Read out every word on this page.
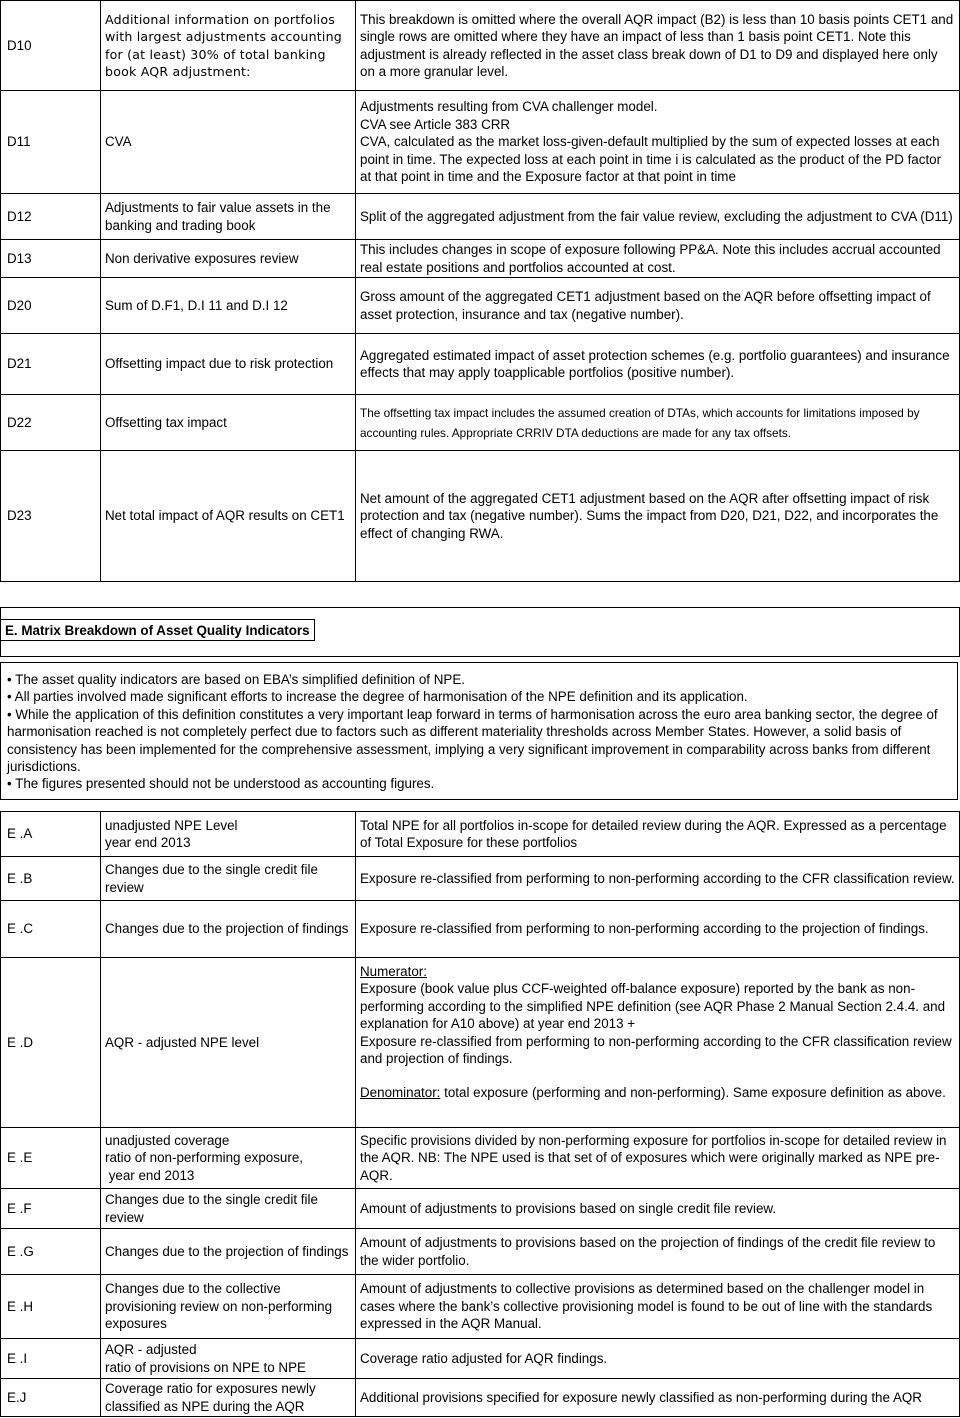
D10	Additional information on portfolios with largest adjustments accounting for (at least) 30% of total banking book AQR adjustment:	This breakdown is omitted where the overall AQR impact (B2) is less than 10 basis points CET1 and single rows are omitted where they have an impact of less than 1 basis point CET1. Note this adjustment is already reflected in the asset class break down of D1 to D9 and displayed here only on a more granular level.
D11	CVA	Adjustments resulting from CVA challenger model.
CVA see Article 383 CRR
CVA, calculated as the market loss-given-default multiplied by the sum of expected losses at each point in time. The expected loss at each point in time i is calculated as the product of the PD factor at that point in time and the Exposure factor at that point in time

D12	Adjustments to fair value assets in the banking and trading book	Split of the aggregated adjustment from the fair value review, excluding the adjustment to CVA (D11)
D13	Non derivative exposures review	This includes changes in scope of exposure following PP&A. Note this includes accrual accounted real estate positions and portfolios accounted at cost.
D20	Sum of D.F1, D.I 11 and D.I 12	Gross amount of the aggregated CET1 adjustment based on the AQR before offsetting impact of asset protection, insurance and tax (negative number).
D21	Offsetting impact due to risk protection	Aggregated estimated impact of asset protection schemes (e.g. portfolio guarantees) and insurance effects that may apply toapplicable portfolios (positive number).
D22	Offsetting tax impact	The offsetting tax impact includes the assumed creation of DTAs, which accounts for limitations imposed by accounting rules. Appropriate CRRIV DTA deductions are made for any tax offsets.
D23	Net total impact of AQR results on CET1	Net amount of the aggregated CET1 adjustment based on the AQR after offsetting impact of risk protection and tax (negative number). Sums the impact from D20, D21, D22, and incorporates the effect of changing RWA.
E. Matrix Breakdown of Asset Quality Indicators

• The asset quality indicators are based on EBA’s simplified definition of NPE.

• All parties involved made significant efforts to increase the degree of harmonisation of the NPE definition and its application.

• While the application of this definition constitutes a very important leap forward in terms of harmonisation across the euro area banking sector, the degree of harmonisation reached is not completely perfect due to factors such as different materiality thresholds across Member States. However, a solid basis of consistency has been implemented for the comprehensive assessment, implying a very significant improvement in comparability across banks from different jurisdictions.

• The figures presented should not be understood as accounting figures.

E .A	unadjusted NPE Level
year end 2013	Total NPE for all portfolios in-scope for detailed review during the AQR. Expressed as a percentage of Total Exposure for these portfolios
E .B	Changes due to the single credit file review	Exposure re-classified from performing to non-performing according to the CFR classification review.
E .C	Changes due to the projection of findings	Exposure re-classified from performing to non-performing according to the projection of findings.
E .D	AQR - adjusted NPE level	Numerator:
Exposure (book value plus CCF-weighted off-balance exposure) reported by the bank as non-performing according to the simplified NPE definition (see AQR Phase 2 Manual Section 2.4.4. and explanation for A10 above) at year end 2013 +
Exposure re-classified from performing to non-performing according to the CFR classification review and projection of findings.
Denominator: total exposure (performing and non-performing). Same exposure definition as above.

E .E	unadjusted coverage
ratio of non-performing exposure,
year end 2013	Specific provisions divided by non-performing exposure for portfolios in-scope for detailed review in the AQR. NB: The NPE used is that set of of exposures which were originally marked as NPE pre-AQR.
E .F	Changes due to the single credit file review	Amount of adjustments to provisions based on single credit file review.
E .G	Changes due to the projection of findings	Amount of adjustments to provisions based on the projection of findings of the credit file review to the wider portfolio.
E .H	Changes due to the collective provisioning review on non-performing exposures	Amount of adjustments to collective provisions as determined based on the challenger model in cases where the bank’s collective provisioning model is found to be out of line with the standards expressed in the AQR Manual.
E .I	AQR - adjusted
ratio of provisions on NPE to NPE	Coverage ratio adjusted for AQR findings.
E.J	Coverage ratio for exposures newly classified as NPE during the AQR	Additional provisions specified for exposure newly classified as non-performing during the AQR
